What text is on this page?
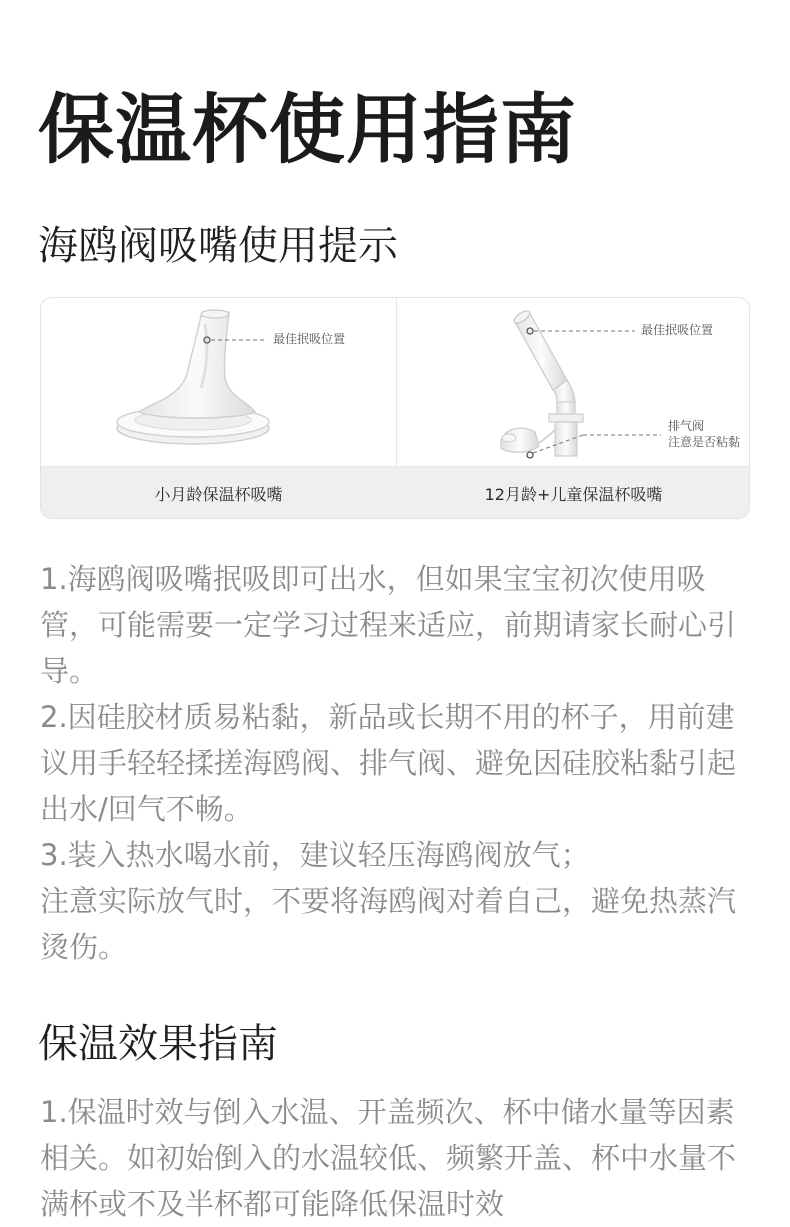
保温杯使用指南
海鸥阀吸嘴使用提示
最佳抿吸位置
最佳抿吸位置
排气阀
注意是否粘黏
小月龄保温杯吸嘴	12月龄+儿童保温杯吸嘴

1.海鸥阀吸嘴抿吸即可出水，但如果宝宝初次使用吸管，可能需要一定学习过程来适应，前期请家长耐心引导。

2.因硅胶材质易粘黏，新品或长期不用的杯子，用前建议用手轻轻揉搓海鸥阀、排气阀、避免因硅胶粘黏引起出水/回气不畅。

3.装入热水喝水前，建议轻压海鸥阀放气；

注意实际放气时，不要将海鸥阀对着自己，避免热蒸汽烫伤。

保温效果指南

1.保温时效与倒入水温、开盖频次、杯中储水量等因素相关。如初始倒入的水温较低、频繁开盖、杯中水量不满杯或不及半杯都可能降低保温时效
